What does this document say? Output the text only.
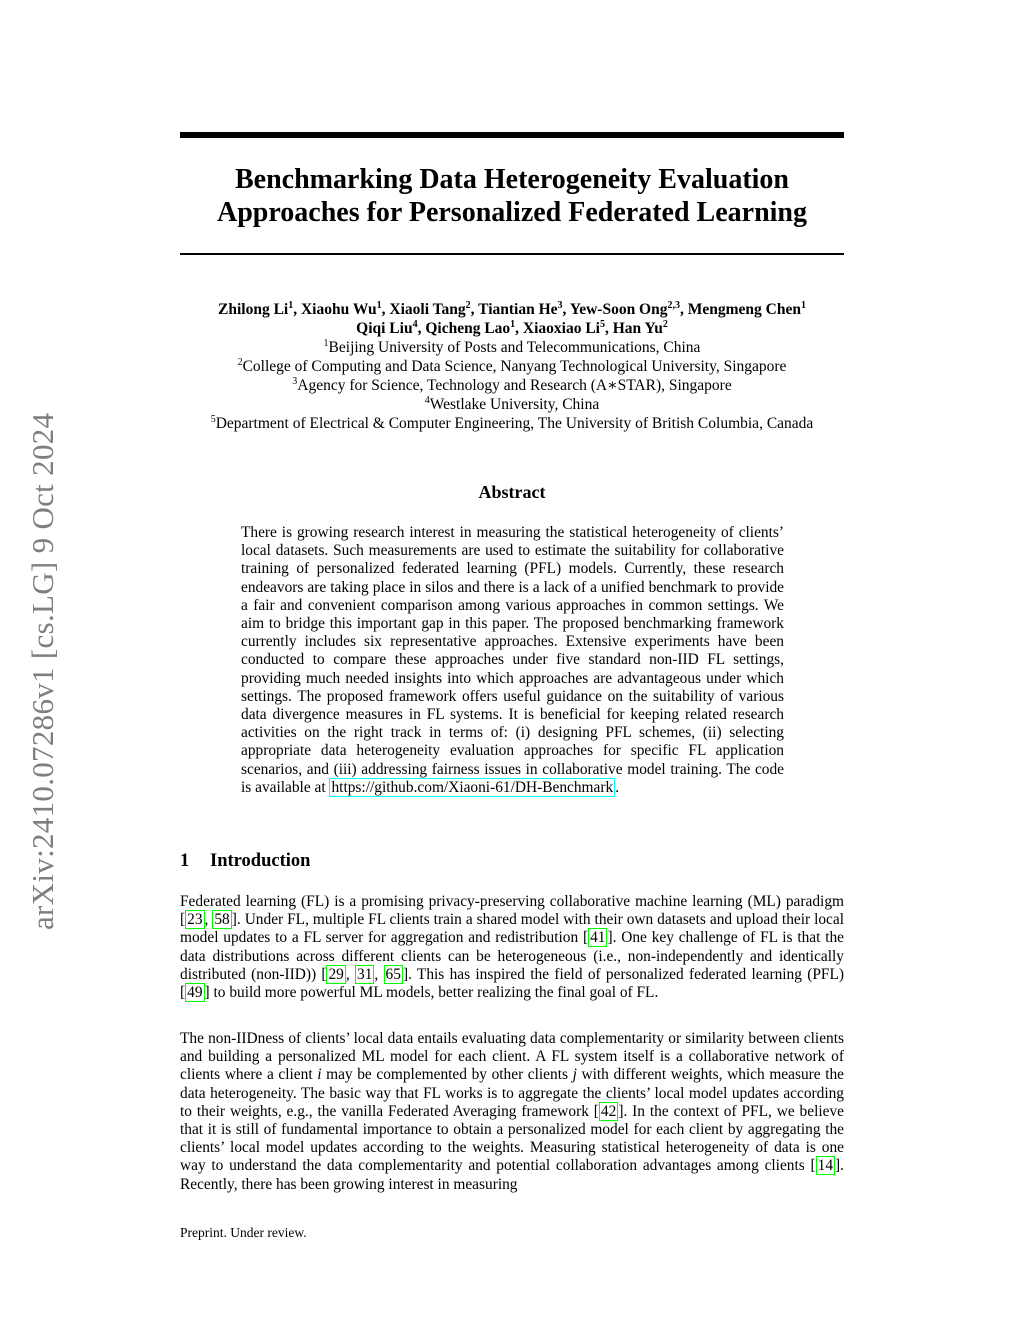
arXiv:2410.07286v1 [cs.LG] 9 Oct 2024
Benchmarking Data Heterogeneity Evaluation
Approaches for Personalized Federated Learning
Zhilong Li$^1$, Xiaohu Wu$^1$, Xiaoli Tang$^2$, Tiantian He$^3$, Yew-Soon Ong$^{2,3}$, Mengmeng Chen$^1$
Qiqi Liu$^4$, Qicheng Lao$^1$, Xiaoxiao Li$^5$, Han Yu$^2$
$^1$Beijing University of Posts and Telecommunications, China
$^2$College of Computing and Data Science, Nanyang Technological University, Singapore
$^3$Agency for Science, Technology and Research (A∗STAR), Singapore
$^4$Westlake University, China
$^5$Department of Electrical & Computer Engineering, The University of British Columbia, Canada
Abstract
There is growing research interest in measuring the statistical heterogeneity of clients’ local datasets. Such measurements are used to estimate the suitability for collaborative training of personalized federated learning (PFL) models. Currently, these research endeavors are taking place in silos and there is a lack of a unified benchmark to provide a fair and convenient comparison among various approaches in common settings. We aim to bridge this important gap in this paper. The proposed benchmarking framework currently includes six representative approaches. Extensive experiments have been conducted to compare these approaches under five standard non-IID FL settings, providing much needed insights into which approaches are advantageous under which settings. The proposed framework offers useful guidance on the suitability of various data divergence measures in FL systems. It is beneficial for keeping related research activities on the right track in terms of: (i) designing PFL schemes, (ii) selecting appropriate data heterogeneity evaluation approaches for specific FL application scenarios, and (iii) addressing fairness issues in collaborative model training. The code is available at https://github.com/Xiaoni-61/DH-Benchmark .
1 Introduction
Federated learning (FL) is a promising privacy-preserving collaborative machine learning (ML) paradigm [ 23 , 58 ]. Under FL, multiple FL clients train a shared model with their own datasets and upload their local model updates to a FL server for aggregation and redistribution [ 41 ]. One key challenge of FL is that the data distributions across different clients can be heterogeneous (i.e., non-independently and identically distributed (non-IID)) [ 29 , 31 , 65 ]. This has inspired the field of personalized federated learning (PFL) [ 49 ] to build more powerful ML models, better realizing the final goal of FL.
The non-IIDness of clients’ local data entails evaluating data complementarity or similarity between clients and building a personalized ML model for each client. A FL system itself is a collaborative network of clients where a client i may be complemented by other clients j with different weights, which measure the data heterogeneity. The basic way that FL works is to aggregate the clients’ local model updates according to their weights, e.g., the vanilla Federated Averaging framework [ 42 ]. In the context of PFL, we believe that it is still of fundamental importance to obtain a personalized model for each client by aggregating the clients’ local model updates according to the weights. Measuring statistical heterogeneity of data is one way to understand the data complementarity and potential collaboration advantages among clients [ 14 ]. Recently, there has been growing interest in measuring
Preprint. Under review.
